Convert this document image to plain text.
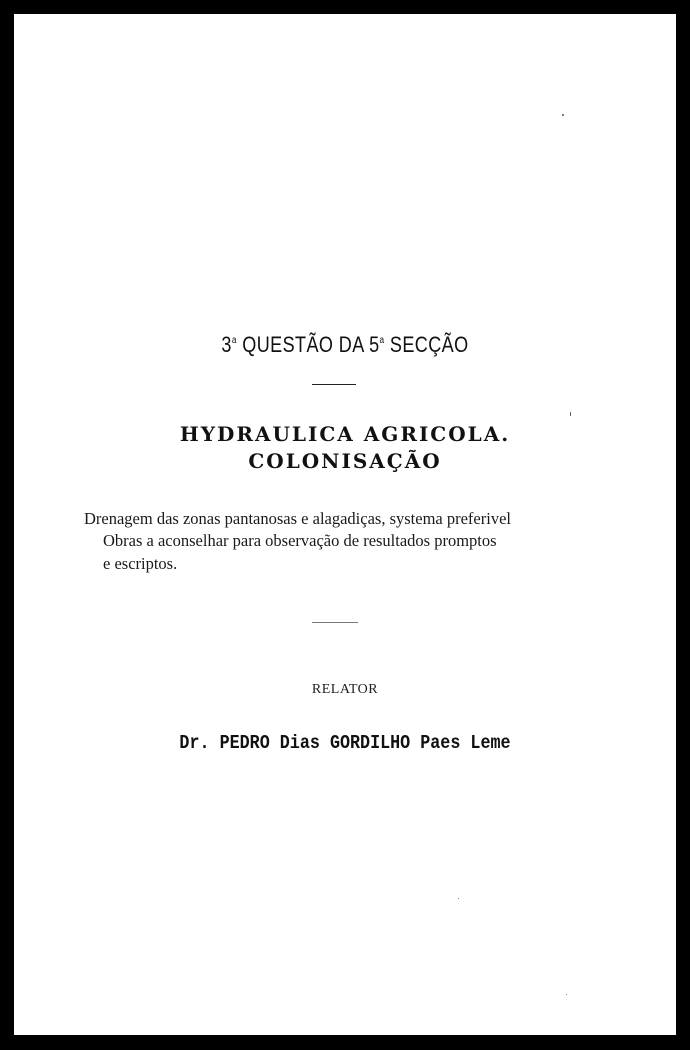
3$^a$ QUESTÃO DA 5$^a$ SECÇÃO
HYDRAULICA AGRICOLA.
COLONISAÇÃO
Drenagem das zonas pantanosas e alagadiças, systema preferivel
Obras a aconselhar para observação de resultados promptos
e escriptos.
RELATOR
Dr. PEDRO Dias GORDILHO Paes Leme
